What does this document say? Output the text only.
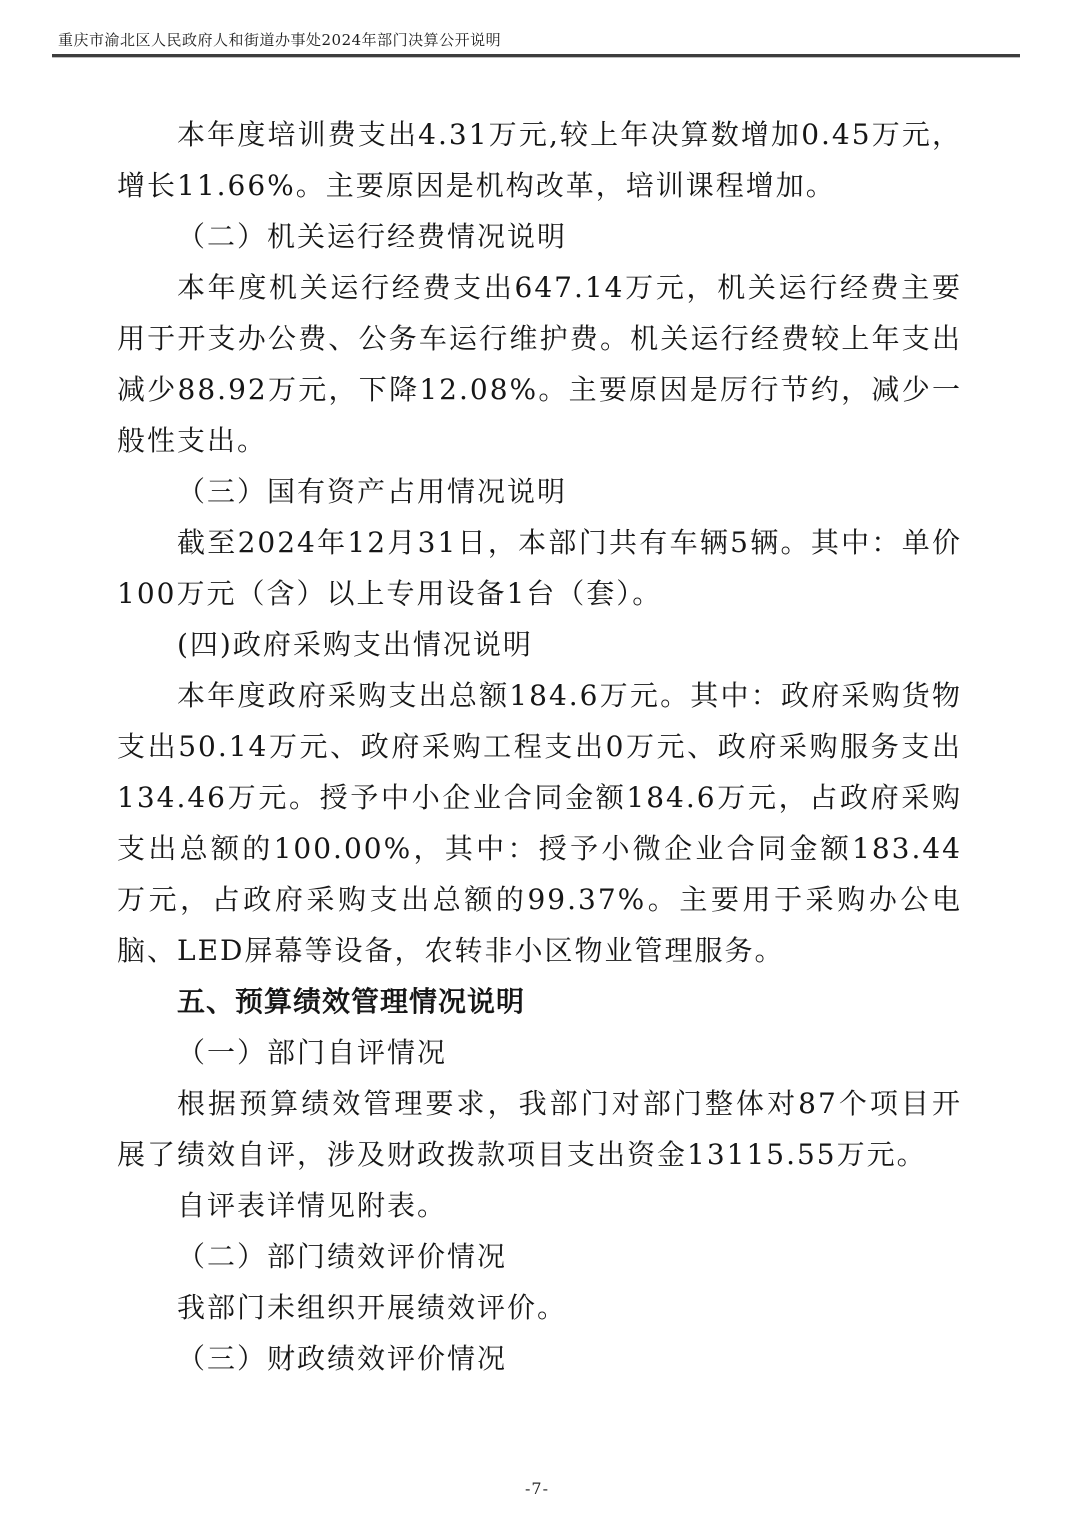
重庆市渝北区人民政府人和街道办事处2024年部门决算公开说明

本年度培训费支出4.31万元,较上年决算数增加0.45万元，增长11.66%。主要原因是机构改革，培训课程增加。

（二）机关运行经费情况说明

本年度机关运行经费支出647.14万元，机关运行经费主要用于开支办公费、公务车运行维护费。机关运行经费较上年支出减少88.92万元，下降12.08%。主要原因是厉行节约，减少一般性支出。

（三）国有资产占用情况说明

截至2024年12月31日，本部门共有车辆5辆。其中：单价100万元（含）以上专用设备1台（套）。

(四)政府采购支出情况说明

本年度政府采购支出总额184.6万元。其中：政府采购货物支出50.14万元、政府采购工程支出0万元、政府采购服务支出134.46万元。授予中小企业合同金额184.6万元，占政府采购支出总额的100.00%，其中：授予小微企业合同金额183.44万元，占政府采购支出总额的99.37%。主要用于采购办公电脑、LED屏幕等设备，农转非小区物业管理服务。

五、预算绩效管理情况说明

（一）部门自评情况

根据预算绩效管理要求，我部门对部门整体对87个项目开展了绩效自评，涉及财政拨款项目支出资金13115.55万元。

自评表详情见附表。

（二）部门绩效评价情况

我部门未组织开展绩效评价。

（三）财政绩效评价情况

-7-
